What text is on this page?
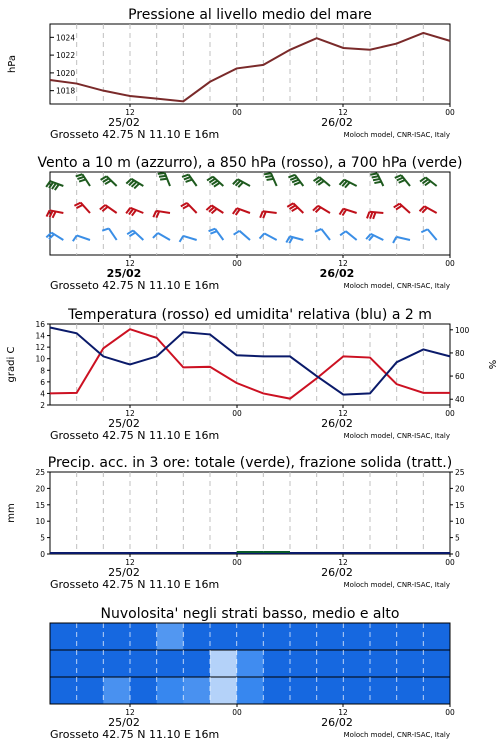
Pressione al livello medio del mare
1024
1022
1020
1018
hPa
12	00	12	00
25/02	26/02
Grosseto 42.75 N 11.10 E 16m	Moloch model, CNR-ISAC, Italy
Vento a 10 m (azzurro), a 850 hPa (rosso), a 700 hPa (verde)
12	00	12	00
25/02	26/02
Grosseto 42.75 N 11.10 E 16m	Moloch model, CNR-ISAC, Italy
Temperatura (rosso) ed umidita' relativa (blu) a 2 m
16
14
12
10
8
6
4
2
100
80
60
40
gradi C	%
12	00	12	00
25/02	26/02
Grosseto 42.75 N 11.10 E 16m	Moloch model, CNR-ISAC, Italy
Precip. acc. in 3 ore: totale (verde), frazione solida (tratt.)
25	25
20	20
15	15
10	10
5	5
0	0
mm
12	00	12	00
25/02	26/02
Grosseto 42.75 N 11.10 E 16m	Moloch model, CNR-ISAC, Italy
Nuvolosita' negli strati basso, medio e alto
12	00	12	00
25/02	26/02
Grosseto 42.75 N 11.10 E 16m	Moloch model, CNR-ISAC, Italy
